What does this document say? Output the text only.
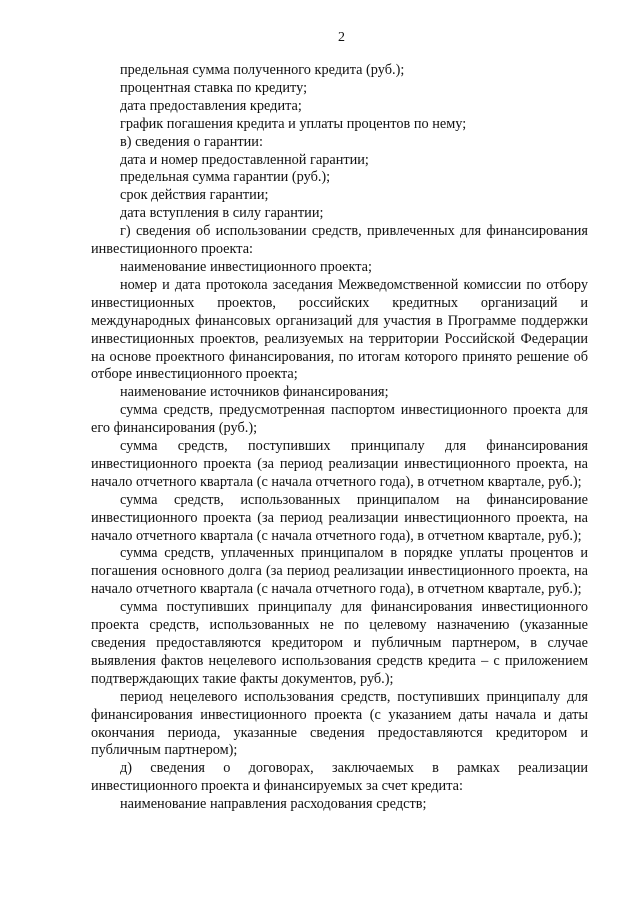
2

предельная сумма полученного кредита (руб.);

процентная ставка по кредиту;

дата предоставления кредита;

график погашения кредита и уплаты процентов по нему;

в) сведения о гарантии:

дата и номер предоставленной гарантии;

предельная сумма гарантии (руб.);

срок действия гарантии;

дата вступления в силу гарантии;

г) сведения об использовании средств, привлеченных для финансирования инвестиционного проекта:

наименование инвестиционного проекта;

номер и дата протокола заседания Межведомственной комиссии по отбору инвестиционных проектов, российских кредитных организаций и международных финансовых организаций для участия в Программе поддержки инвестиционных проектов, реализуемых на территории Российской Федерации на основе проектного финансирования, по итогам которого принято решение об отборе инвестиционного проекта;

наименование источников финансирования;

сумма средств, предусмотренная паспортом инвестиционного проекта для его финансирования (руб.);

сумма средств, поступивших принципалу для финансирования инвестиционного проекта (за период реализации инвестиционного проекта, на начало отчетного квартала (с начала отчетного года), в отчетном квартале, руб.);

сумма средств, использованных принципалом на финансирование инвестиционного проекта (за период реализации инвестиционного проекта, на начало отчетного квартала (с начала отчетного года), в отчетном квартале, руб.);

сумма средств, уплаченных принципалом в порядке уплаты процентов и погашения основного долга (за период реализации инвестиционного проекта, на начало отчетного квартала (с начала отчетного года), в отчетном квартале, руб.);

сумма поступивших принципалу для финансирования инвестиционного проекта средств, использованных не по целевому назначению (указанные сведения предоставляются кредитором и публичным партнером, в случае выявления фактов нецелевого использования средств кредита – с приложением подтверждающих такие факты документов, руб.);

период нецелевого использования средств, поступивших принципалу для финансирования инвестиционного проекта (с указанием даты начала и даты окончания периода, указанные сведения предоставляются кредитором и публичным партнером);

д) сведения о договорах, заключаемых в рамках реализации инвестиционного проекта и финансируемых за счет кредита:

наименование направления расходования средств;
